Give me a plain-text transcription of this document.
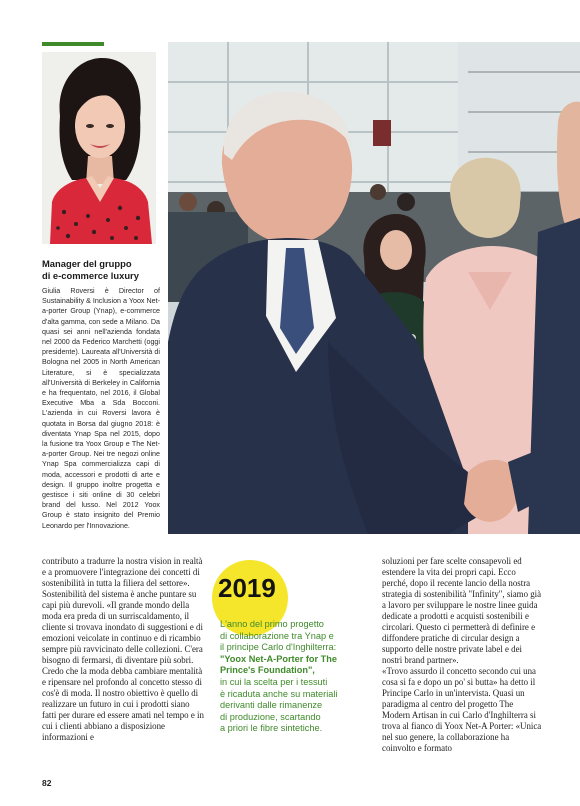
Manager del gruppo
di e-commerce luxury
Giulia Roversi è Director of Sustainability & Inclusion a Yoox Net-a-porter Group (Ynap), e-commerce d'alta gamma, con sede a Milano. Da quasi sei anni nell'azienda fondata nel 2000 da Federico Marchetti (oggi presidente). Laureata all'Università di Bologna nel 2005 in North American Literature, si è specializzata all'Università di Berkeley in California e ha frequentato, nel 2016, il Global Executive Mba a Sda Bocconi. L'azienda in cui Roversi lavora è quotata in Borsa dal giugno 2018: è diventata Ynap Spa nel 2015, dopo la fusione tra Yoox Group e The Net-a-porter Group. Nei tre negozi online Ynap Spa commercializza capi di moda, accessori e prodotti di arte e design. Il gruppo inoltre progetta e gestisce i siti online di 30 celebri brand del lusso. Nel 2012 Yoox Group è stato insignito del Premio Leonardo per l'Innovazione.

contributo a tradurre la nostra vision in realtà e a promuovere l'integrazione dei concetti di sostenibilità in tutta la filiera del settore».

Sostenibilità del sistema è anche puntare su capi più durevoli. «Il grande mondo della moda era preda di un surriscaldamento, il cliente si trovava inondato di suggestioni e di emozioni veicolate in continuo e di ricambio sempre più ravvicinato delle collezioni. C'era bisogno di fermarsi, di diventare più sobri. Credo che la moda debba cambiare mentalità e ripensare nel profondo al concetto stesso di cos'è di moda. Il nostro obiettivo è quello di realizzare un futuro in cui i prodotti siano fatti per durare ed essere amati nel tempo e in cui i clienti abbiano a disposizione informazioni e

2019
L'anno del primo progetto
di collaborazione tra Ynap e
il principe Carlo d'Inghilterra:
"Yoox Net-A-Porter for The
Prince's Foundation",
in cui la scelta per i tessuti
è ricaduta anche su materiali
derivanti dalle rimanenze
di produzione, scartando
a priori le fibre sintetiche.

soluzioni per fare scelte consapevoli ed estendere la vita dei propri capi. Ecco perché, dopo il recente lancio della nostra strategia di sostenibilità "Infinity", siamo già a lavoro per sviluppare le nostre linee guida dedicate a prodotti e acquisti sostenibili e circolari. Questo ci permetterà di definire e diffondere pratiche di circular design a supporto delle nostre private label e dei nostri brand partner».

«Trovo assurdo il concetto secondo cui una cosa si fa e dopo un po' si butta» ha detto il Principe Carlo in un'intervista. Quasi un paradigma al centro del progetto The Modern Artisan in cui Carlo d'Inghilterra si trova al fianco di Yoox Net-A Porter: «Unica nel suo genere, la collaborazione ha coinvolto e formato

82
